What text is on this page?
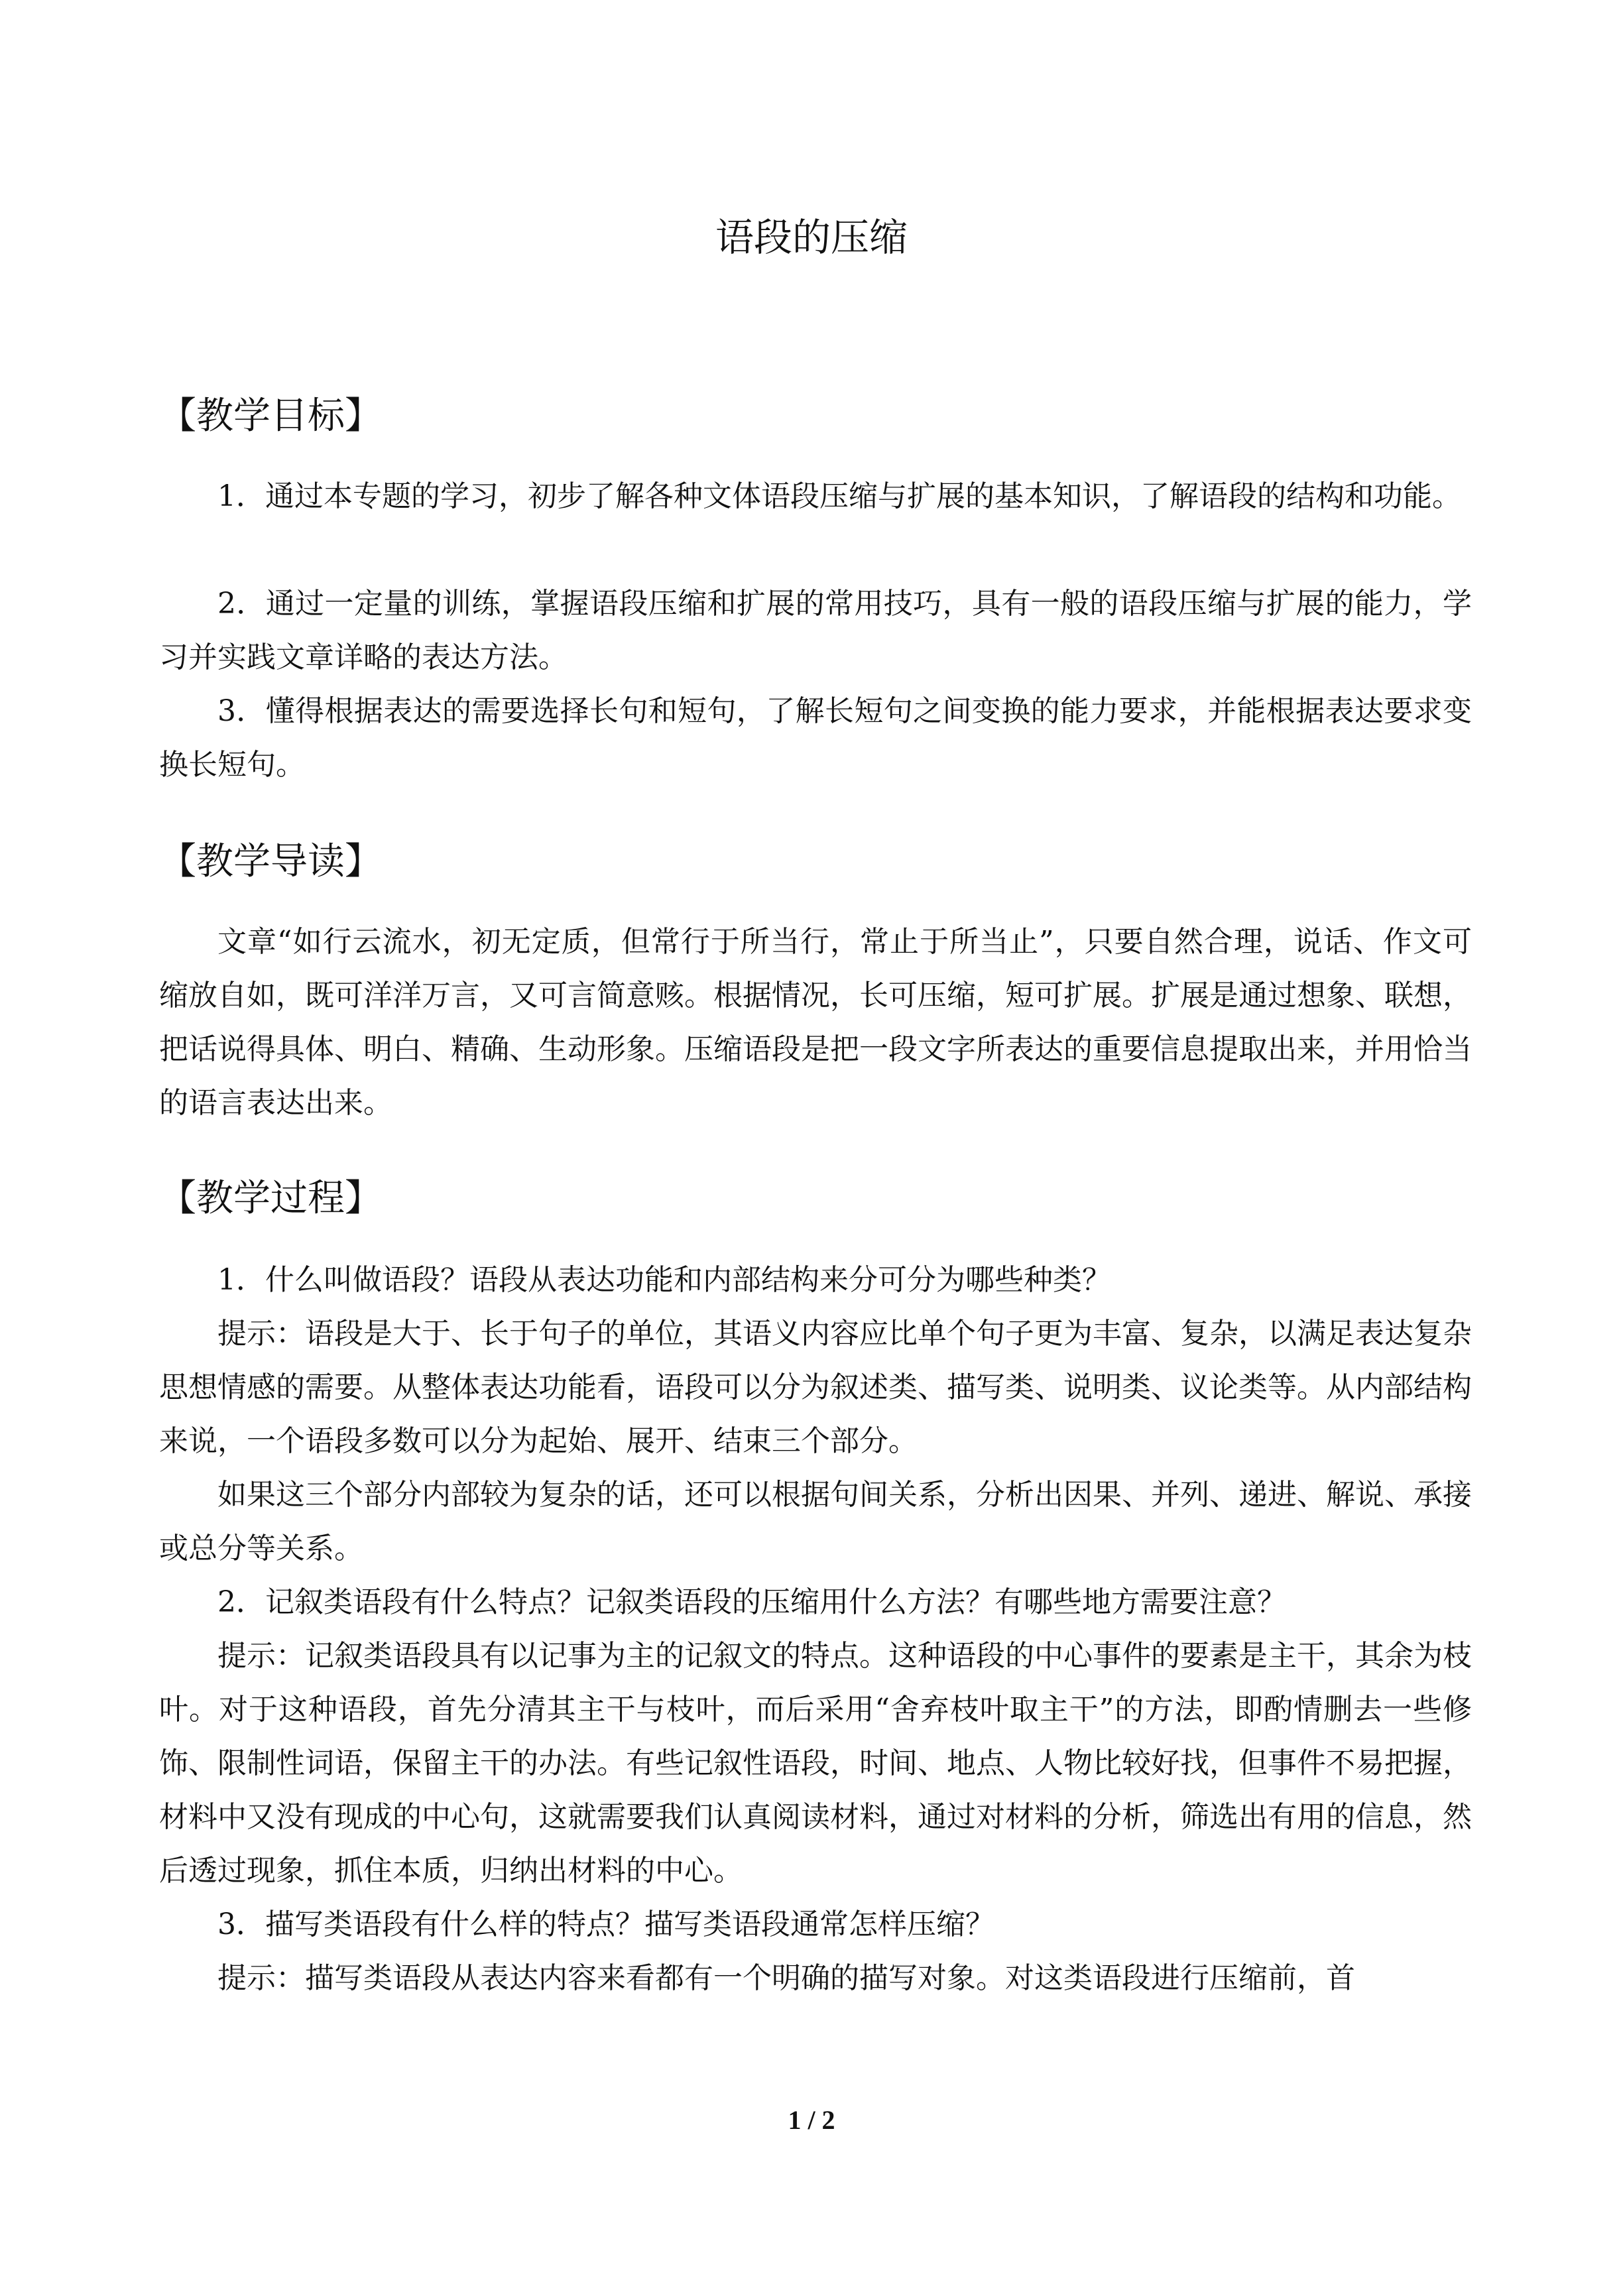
语段的压缩
【教学目标】

1．通过本专题的学习，初步了解各种文体语段压缩与扩展的基本知识，了解语段的结构和功能。

2．通过一定量的训练，掌握语段压缩和扩展的常用技巧，具有一般的语段压缩与扩展的能力，学习并实践文章详略的表达方法。

3．懂得根据表达的需要选择长句和短句，了解长短句之间变换的能力要求，并能根据表达要求变换长短句。

【教学导读】

文章“如行云流水，初无定质，但常行于所当行，常止于所当止”，只要自然合理，说话、作文可缩放自如，既可洋洋万言，又可言简意赅。根据情况，长可压缩，短可扩展。扩展是通过想象、联想，把话说得具体、明白、精确、生动形象。压缩语段是把一段文字所表达的重要信息提取出来，并用恰当的语言表达出来。

【教学过程】

1．什么叫做语段？语段从表达功能和内部结构来分可分为哪些种类？

提示：语段是大于、长于句子的单位，其语义内容应比单个句子更为丰富、复杂，以满足表达复杂思想情感的需要。从整体表达功能看，语段可以分为叙述类、描写类、说明类、议论类等。从内部结构来说，一个语段多数可以分为起始、展开、结束三个部分。

如果这三个部分内部较为复杂的话，还可以根据句间关系，分析出因果、并列、递进、解说、承接或总分等关系。

2．记叙类语段有什么特点？记叙类语段的压缩用什么方法？有哪些地方需要注意？

提示：记叙类语段具有以记事为主的记叙文的特点。这种语段的中心事件的要素是主干，其余为枝叶。对于这种语段，首先分清其主干与枝叶，而后采用“舍弃枝叶取主干”的方法，即酌情删去一些修饰、限制性词语，保留主干的办法。有些记叙性语段，时间、地点、人物比较好找，但事件不易把握，材料中又没有现成的中心句，这就需要我们认真阅读材料，通过对材料的分析，筛选出有用的信息，然后透过现象，抓住本质，归纳出材料的中心。

3．描写类语段有什么样的特点？描写类语段通常怎样压缩？

提示：描写类语段从表达内容来看都有一个明确的描写对象。对这类语段进行压缩前，首

1 / 2
